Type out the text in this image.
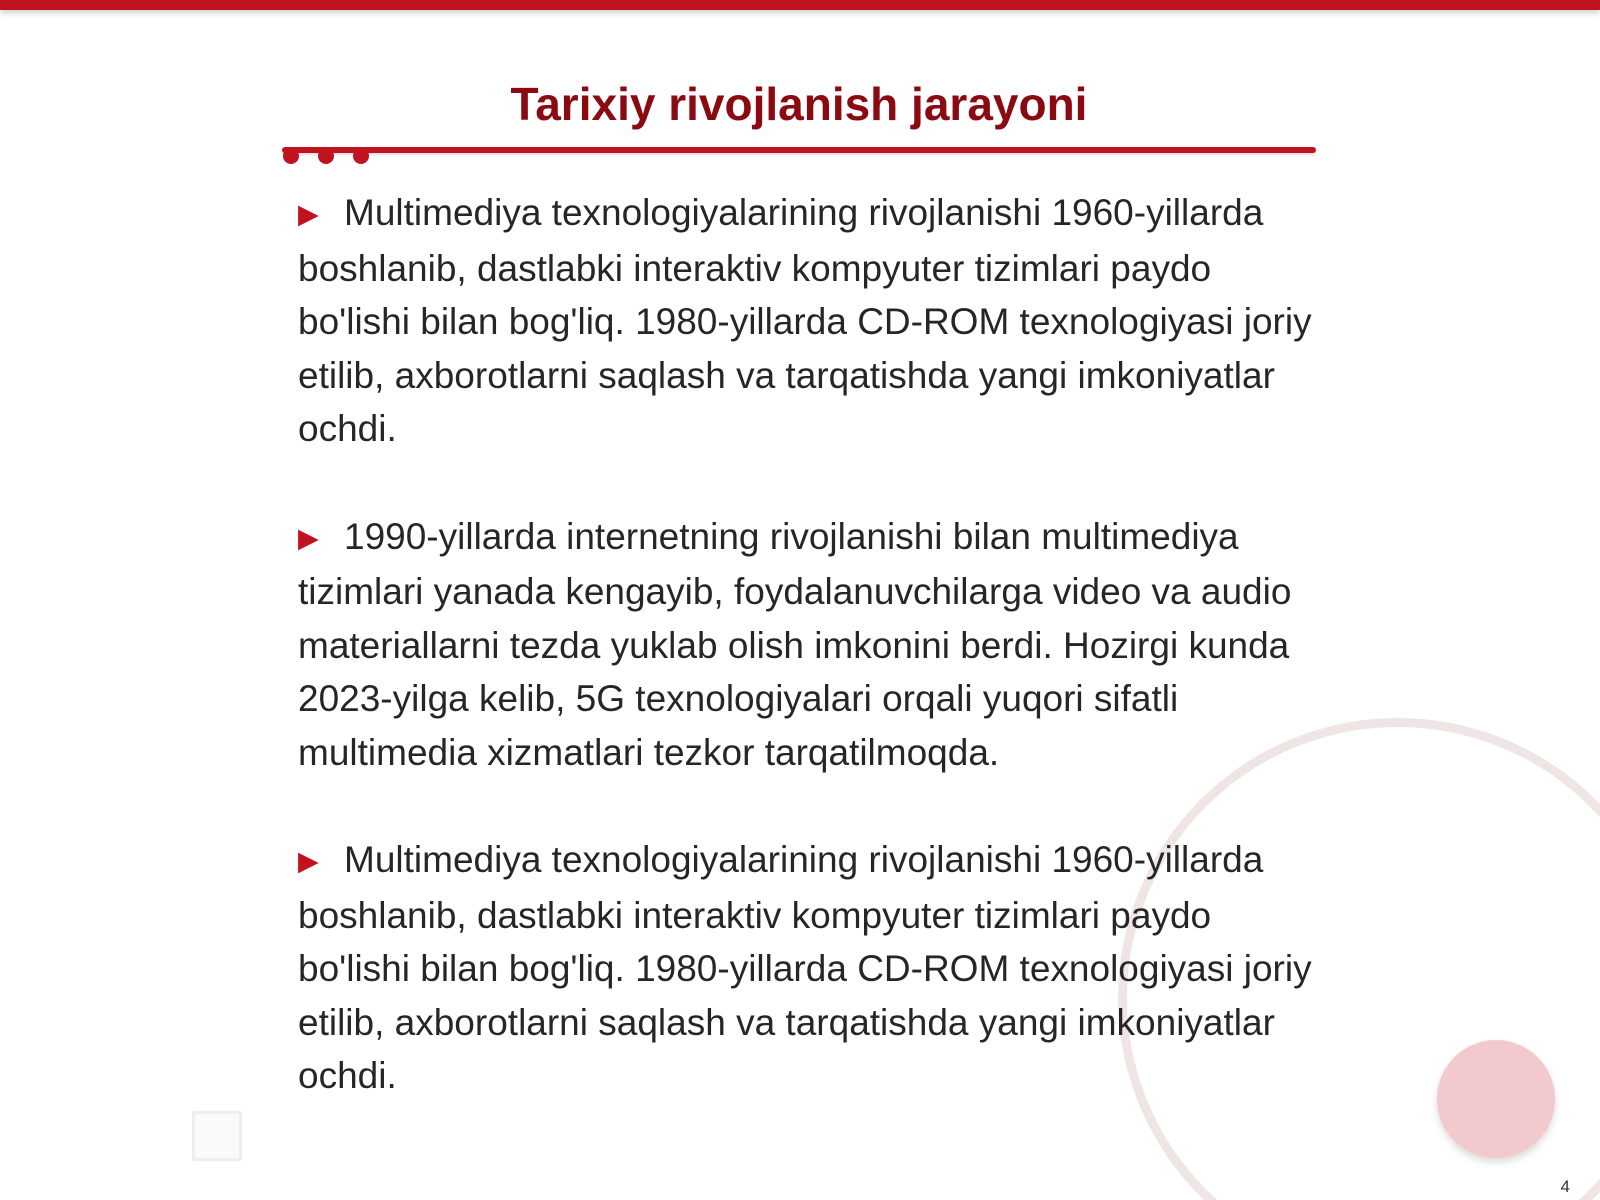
Tarixiy rivojlanish jarayoni

▶ Multimediya texnologiyalarining rivojlanishi 1960-yillarda boshlanib, dastlabki interaktiv kompyuter tizimlari paydo bo'lishi bilan bog'liq. 1980-yillarda CD-ROM texnologiyasi joriy etilib, axborotlarni saqlash va tarqatishda yangi imkoniyatlar ochdi.

▶ 1990-yillarda internetning rivojlanishi bilan multimediya tizimlari yanada kengayib, foydalanuvchilarga video va audio materiallarni tezda yuklab olish imkonini berdi. Hozirgi kunda 2023-yilga kelib, 5G texnologiyalari orqali yuqori sifatli multimedia xizmatlari tezkor tarqatilmoqda.

▶ Multimediya texnologiyalarining rivojlanishi 1960-yillarda boshlanib, dastlabki interaktiv kompyuter tizimlari paydo bo'lishi bilan bog'liq. 1980-yillarda CD-ROM texnologiyasi joriy etilib, axborotlarni saqlash va tarqatishda yangi imkoniyatlar ochdi.

4
